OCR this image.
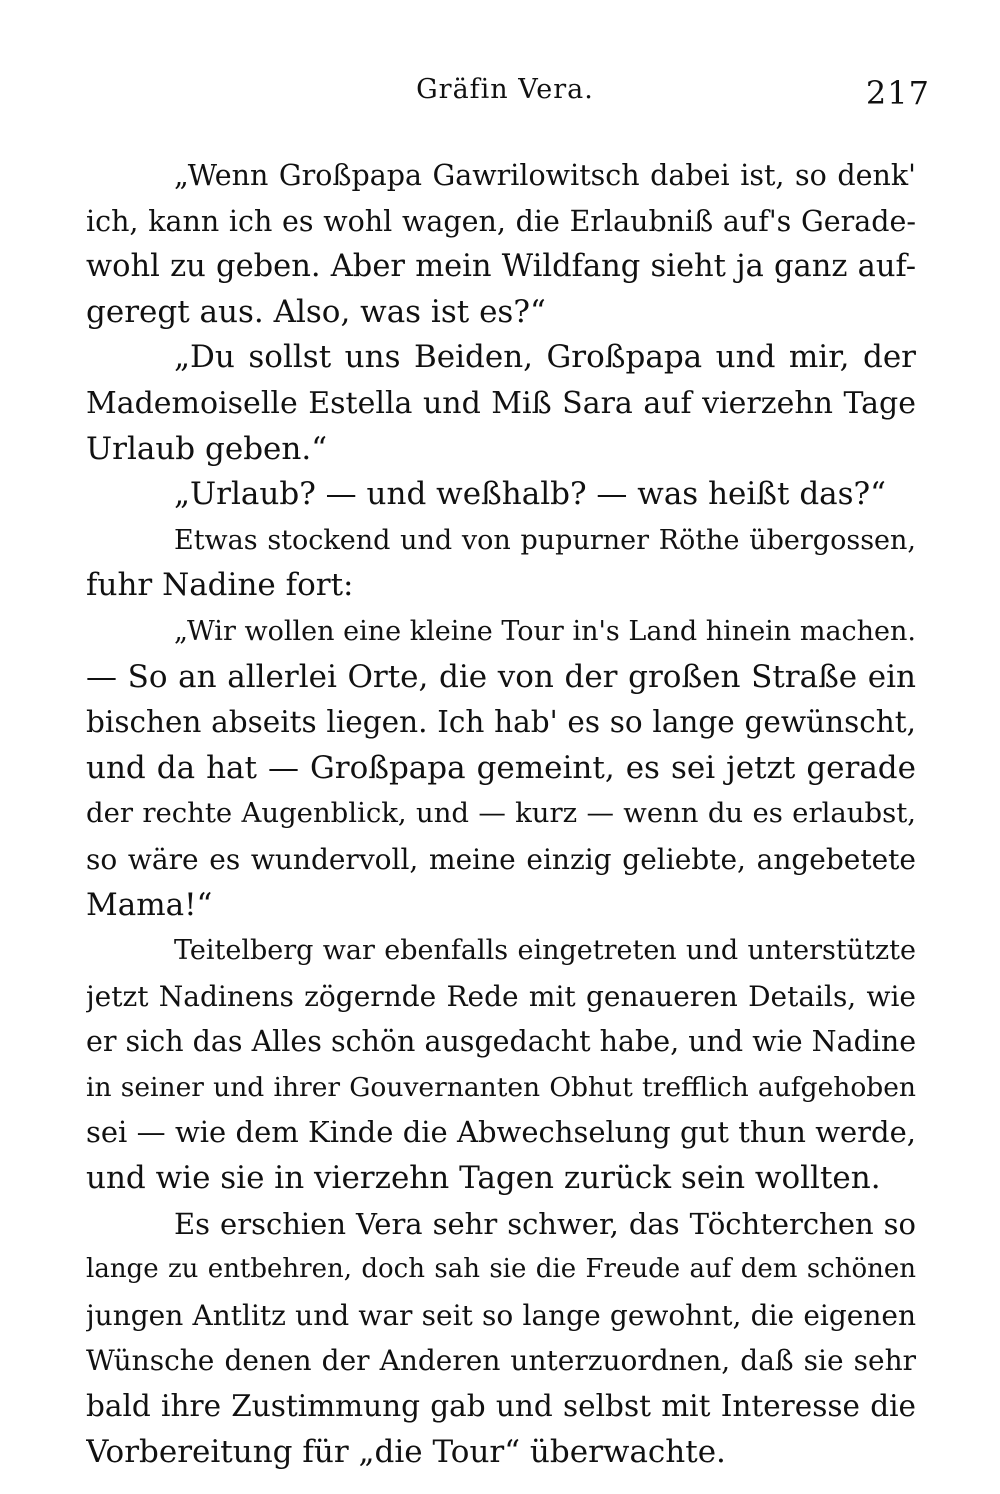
Gräfin Vera.	217
„Wenn Großpapa Gawrilowitsch dabei ist, so denk'
ich, kann ich es wohl wagen, die Erlaubniß auf's Gerade-
wohl zu geben. Aber mein Wildfang sieht ja ganz auf-
geregt aus. Also, was ist es?“
„Du sollst uns Beiden, Großpapa und mir, der
Mademoiselle Estella und Miß Sara auf vierzehn Tage
Urlaub geben.“
„Urlaub? — und weßhalb? — was heißt das?“
Etwas stockend und von pupurner Röthe übergossen,
fuhr Nadine fort:
„Wir wollen eine kleine Tour in's Land hinein machen.
— So an allerlei Orte, die von der großen Straße ein
bischen abseits liegen. Ich hab' es so lange gewünscht,
und da hat — Großpapa gemeint, es sei jetzt gerade
der rechte Augenblick, und — kurz — wenn du es erlaubst,
so wäre es wundervoll, meine einzig geliebte, angebetete
Mama!“
Teitelberg war ebenfalls eingetreten und unterstützte
jetzt Nadinens zögernde Rede mit genaueren Details, wie
er sich das Alles schön ausgedacht habe, und wie Nadine
in seiner und ihrer Gouvernanten Obhut trefflich aufgehoben
sei — wie dem Kinde die Abwechselung gut thun werde,
und wie sie in vierzehn Tagen zurück sein wollten.
Es erschien Vera sehr schwer, das Töchterchen so
lange zu entbehren, doch sah sie die Freude auf dem schönen
jungen Antlitz und war seit so lange gewohnt, die eigenen
Wünsche denen der Anderen unterzuordnen, daß sie sehr
bald ihre Zustimmung gab und selbst mit Interesse die
Vorbereitung für „die Tour“ überwachte.
